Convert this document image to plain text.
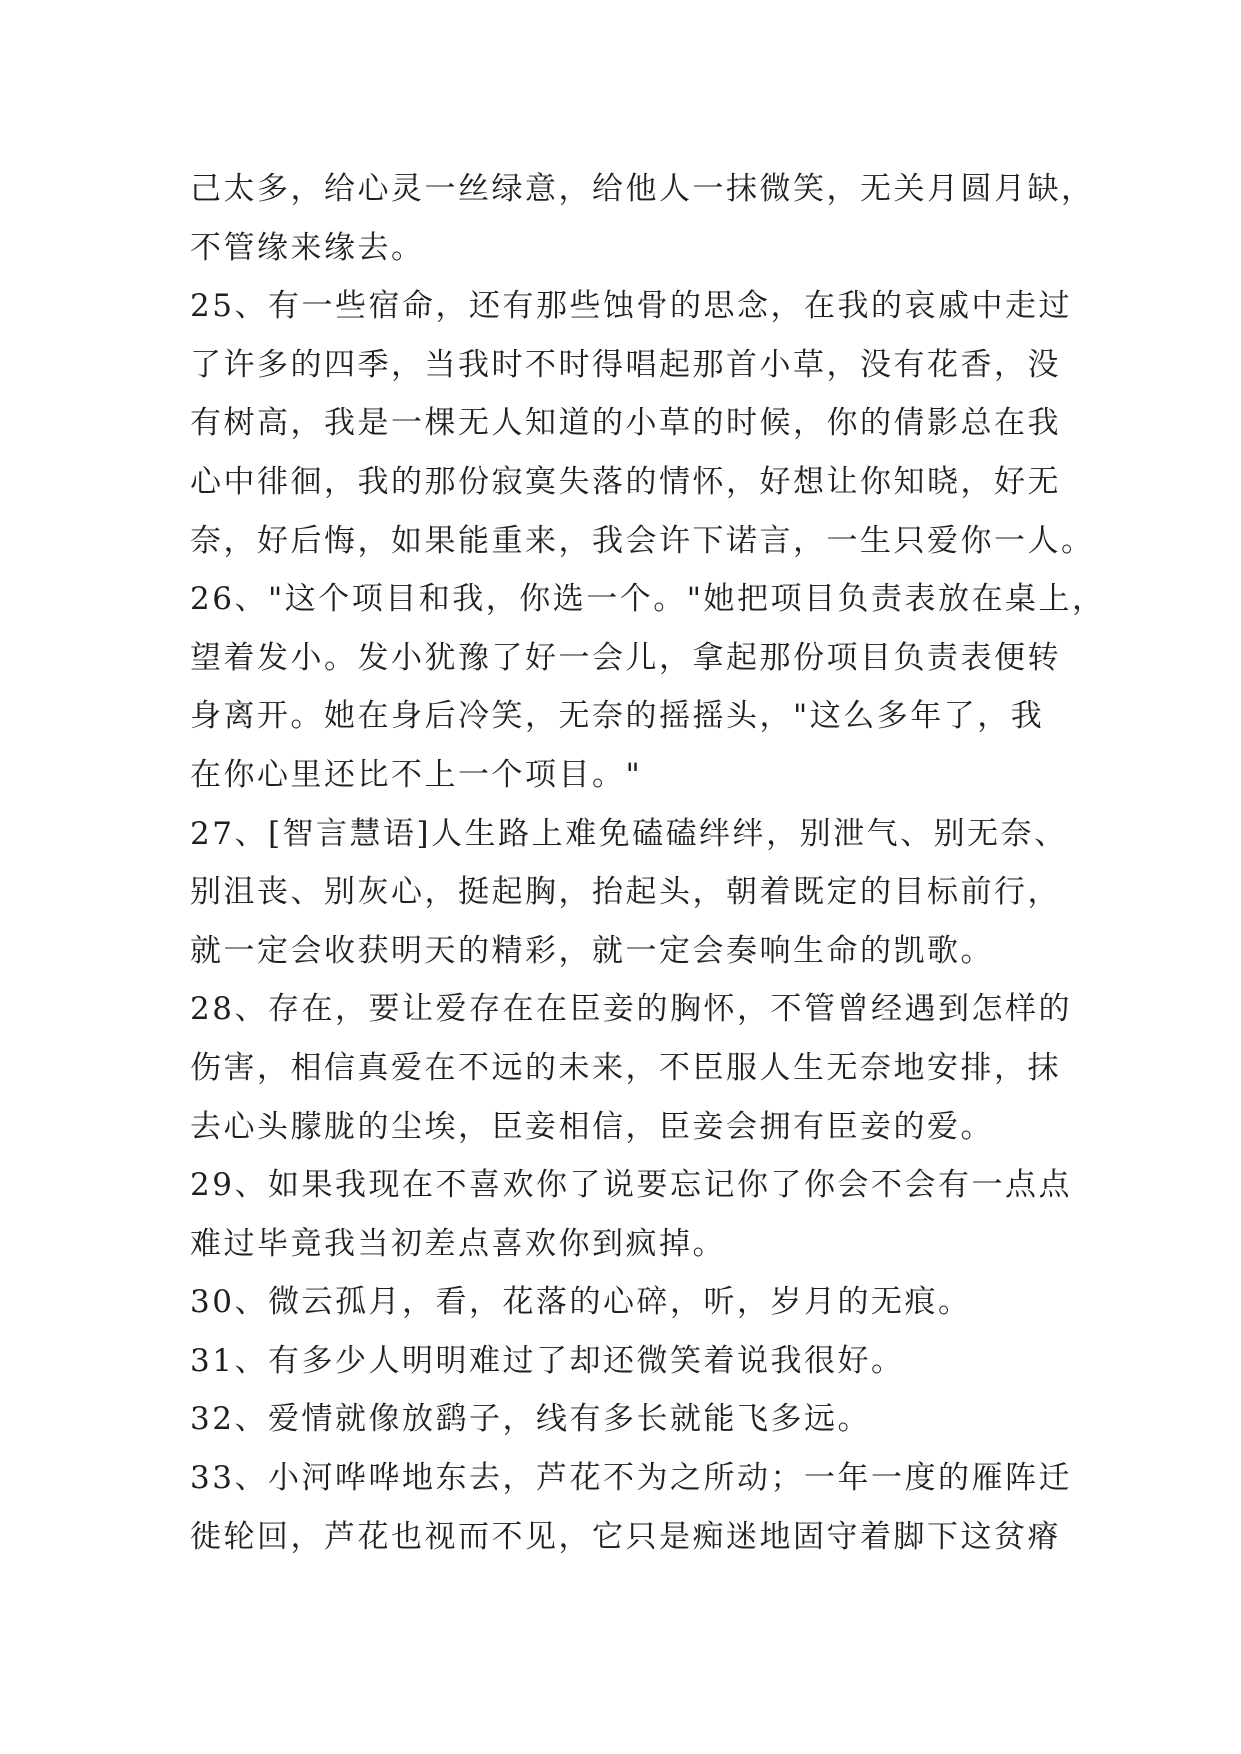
己太多，给心灵一丝绿意，给他人一抹微笑，无关月圆月缺，
不管缘来缘去。
25、有一些宿命，还有那些蚀骨的思念，在我的哀戚中走过
了许多的四季，当我时不时得唱起那首小草，没有花香，没
有树高，我是一棵无人知道的小草的时候，你的倩影总在我
心中徘徊，我的那份寂寞失落的情怀，好想让你知晓，好无
奈，好后悔，如果能重来，我会许下诺言，一生只爱你一人。
26、"这个项目和我，你选一个。"她把项目负责表放在桌上，
望着发小。发小犹豫了好一会儿，拿起那份项目负责表便转
身离开。她在身后冷笑，无奈的摇摇头，"这么多年了，我
在你心里还比不上一个项目。"
27、[智言慧语]人生路上难免磕磕绊绊，别泄气、别无奈、
别沮丧、别灰心，挺起胸，抬起头，朝着既定的目标前行，
就一定会收获明天的精彩，就一定会奏响生命的凯歌。
28、存在，要让爱存在在臣妾的胸怀，不管曾经遇到怎样的
伤害，相信真爱在不远的未来，不臣服人生无奈地安排，抹
去心头朦胧的尘埃，臣妾相信，臣妾会拥有臣妾的爱。
29、如果我现在不喜欢你了说要忘记你了你会不会有一点点
难过毕竟我当初差点喜欢你到疯掉。
30、微云孤月，看，花落的心碎，听，岁月的无痕。
31、有多少人明明难过了却还微笑着说我很好。
32、爱情就像放鹞子，线有多长就能飞多远。
33、小河哗哗地东去，芦花不为之所动；一年一度的雁阵迁
徙轮回，芦花也视而不见，它只是痴迷地固守着脚下这贫瘠
